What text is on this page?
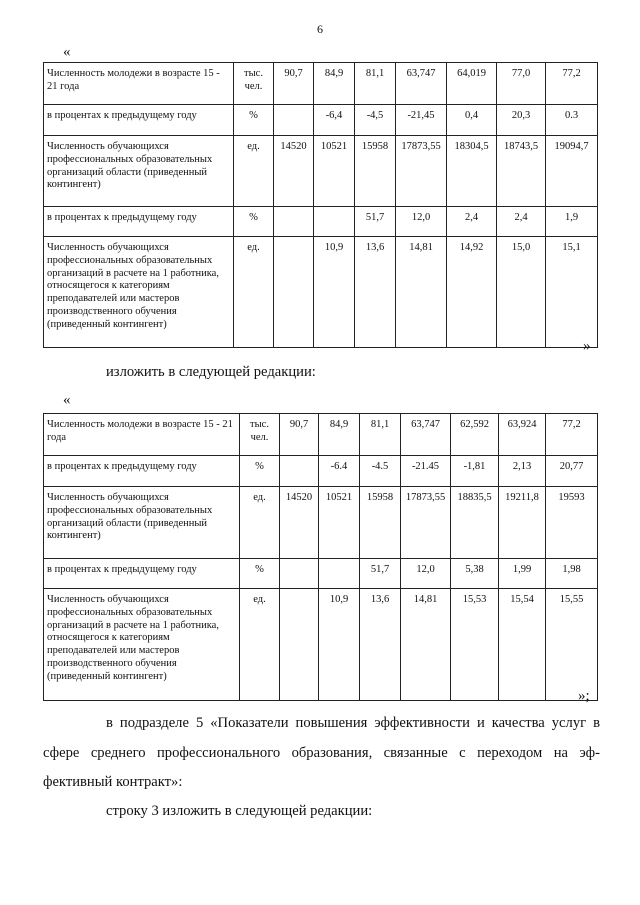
6
«
Численность молодежи в возрасте 15 - 21 года	тыс. чел.	90,7	84,9	81,1	63,747	64,019	77,0	77,2
в процентах к предыдущему году	%		-6,4	-4,5	-21,45	0,4	20,3	0.3
Численность обучающихся профессиональных образовательных организаций области (приведенный контингент)	ед.	14520	10521	15958	17873,55	18304,5	18743,5	19094,7
в процентах к предыдущему году	%			51,7	12,0	2,4	2,4	1,9
Численность обучающихся профессиональных образовательных организаций в расчете на 1 работника, относящегося к категориям преподавателей или мастеров производственного обучения (приведенный контингент)	ед.		10,9	13,6	14,81	14,92	15,0	15,1
»
изложить в следующей редакции:
«
Численность молодежи в возрасте 15 - 21 года	тыс. чел.	90,7	84,9	81,1	63,747	62,592	63,924	77,2
в процентах к предыдущему году	%		-6.4	-4.5	-21.45	-1,81	2,13	20,77
Численность обучающихся профессиональных образовательных организаций области (приведенный контингент)	ед.	14520	10521	15958	17873,55	18835,5	19211,8	19593
в процентах к предыдущему году	%			51,7	12,0	5,38	1,99	1,98
Численность обучающихся профессиональных образовательных организаций в расчете на 1 работника, относящегося к категориям преподавателей или мастеров производственного обучения (приведенный контингент)	ед.		10,9	13,6	14,81	15,53	15,54	15,55
»;
в подразделе 5 «Показатели повышения эффективности и качества услуг в
сфере среднего профессионального образования, связанные с переходом на эф-
фективный контракт»:
строку 3 изложить в следующей редакции:
